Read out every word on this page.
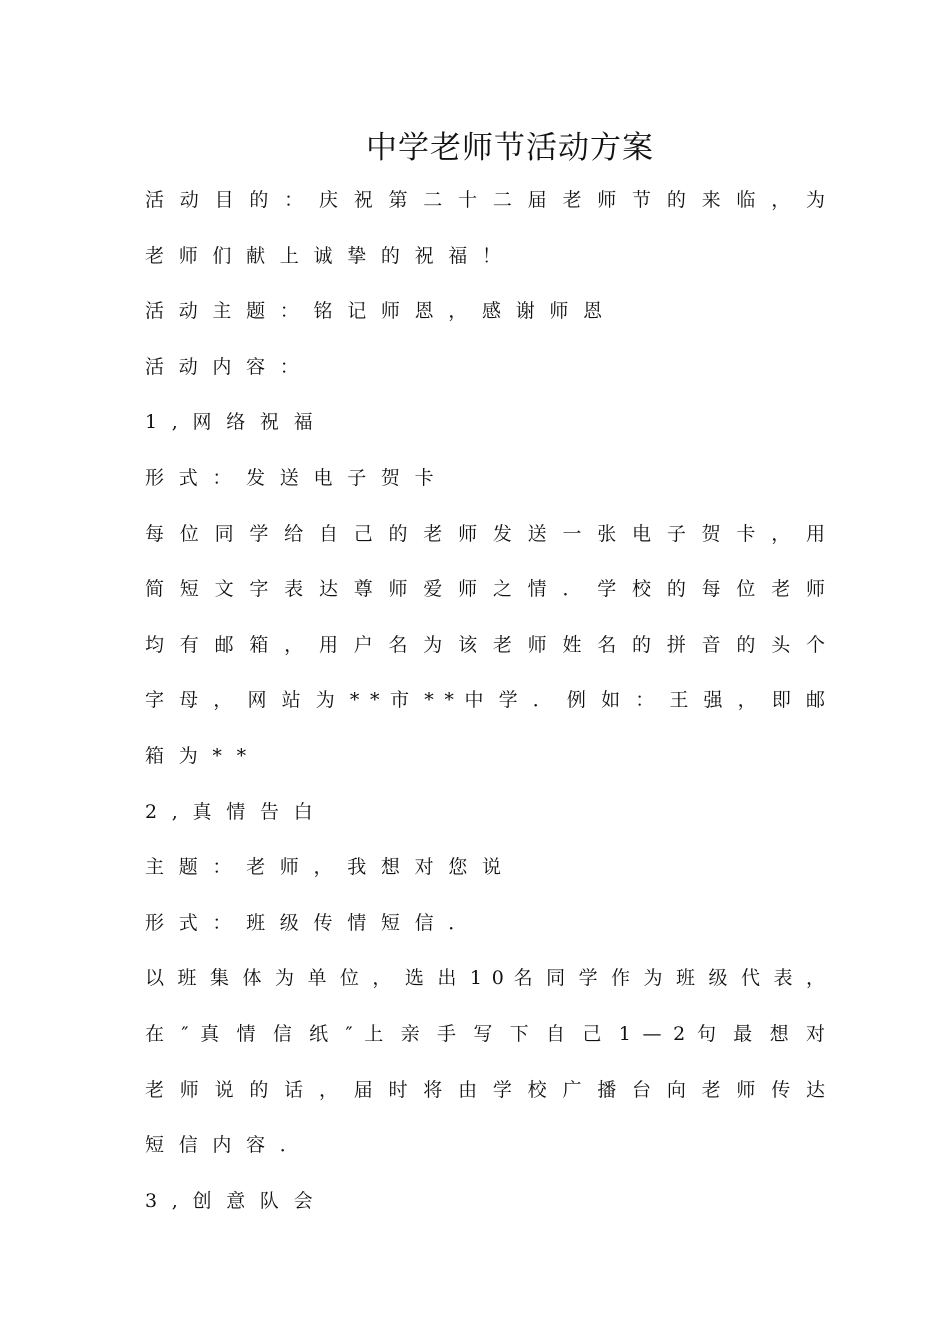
中学老师节活动方案
活 动 目 的 ： 庆 祝 第 二 十 二 届 老 师 节 的 来 临 ， 为
老师们献上诚挚的祝福！
活动主题：铭记师恩，感谢师恩
活动内容：
1,网络祝福
形式：发送电子贺卡
每 位 同 学 给 自 己 的 老 师 发 送 一 张 电 子 贺 卡 ， 用
简 短 文 字 表 达 尊 师 爱 师 之 情 ． 学 校 的 每 位 老 师
均 有 邮 箱 ， 用 户 名 为 该 老 师 姓 名 的 拼 音 的 头 个
字 母 ， 网 站 为 * * 市 * * 中 学 ． 例 如 ： 王 强 ， 即 邮
箱为**
2,真情告白
主题：老师，我想对您说
形式：班级传情短信．
以 班 集 体 为 单 位 ， 选 出 1 0 名 同 学 作 为 班 级 代 表 ，
在 ″ 真 情 信 纸 ″ 上 亲 手 写 下 自 己 1 — 2 句 最 想 对
老 师 说 的 话 ， 届 时 将 由 学 校 广 播 台 向 老 师 传 达
短信内容．
3,创意队会
